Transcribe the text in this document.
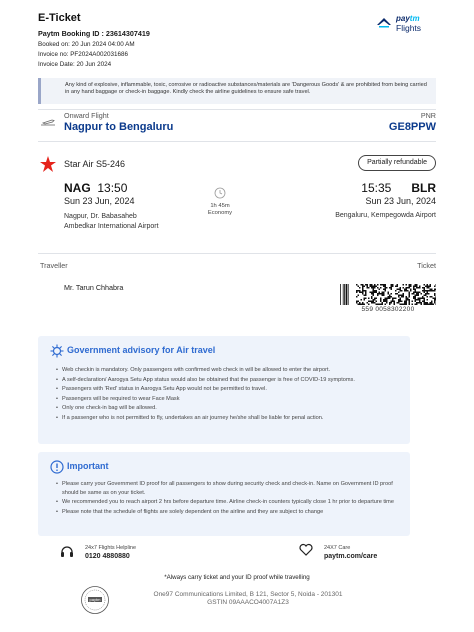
E-Ticket
Paytm Booking ID : 23614307419
Booked on: 20 Jun 2024 04:00 AM
Invoice no: PF2024A002031686
Invoice Date: 20 Jun 2024
paytm
Flights
Any kind of explosive, inflammable, toxic, corrosive or radioactive substances/materials are 'Dangerous Goods' & are prohibited from being carried in any hand baggage or check-in baggage. Kindly check the airline guidelines to ensure safe travel.
Onward Flight
Nagpur to Bengaluru
PNR
GE8PPW
Star Air S5-246	Partially refundable
NAG 13:50
Sun 23 Jun, 2024
Nagpur, Dr. Babasaheb
Ambedkar International Airport
1h 45m
Economy
15:35 BLR
Sun 23 Jun, 2024
Bengaluru, Kempegowda Airport
Traveller	Ticket
Mr. Tarun Chhabra
559 0058302200
Government advisory for Air travel
• Web checkin is mandatory. Only passengers with confirmed web check in will be allowed to enter the airport.
• A self-declaration/ Aarogya Setu App status would also be obtained that the passenger is free of COVID-19 symptoms.
• Passengers with 'Red' status in Aarogya Setu App would not be permitted to travel.
• Passengers will be required to wear Face Mask
• Only one check-in bag will be allowed.
• If a passenger who is not permitted to fly, undertakes an air journey he/she shall be liable for penal action.
Important
• Please carry your Government ID proof for all passengers to show during security check and check-in. Name on Government ID proof should be same as on your ticket.
• We recommended you to reach airport 2 hrs before departure time. Airline check-in counters typically close 1 hr prior to departure time
• Please note that the schedule of flights are solely dependent on the airline and they are subject to change
24x7 Flights Helpline
0120 4880880
24X7 Care
paytm.com/care
*Always carry ticket and your ID proof while travelling
paytm
One97 Communications Limited, B 121, Sector 5, Noida - 201301
GSTIN 09AAACO4007A1Z3
